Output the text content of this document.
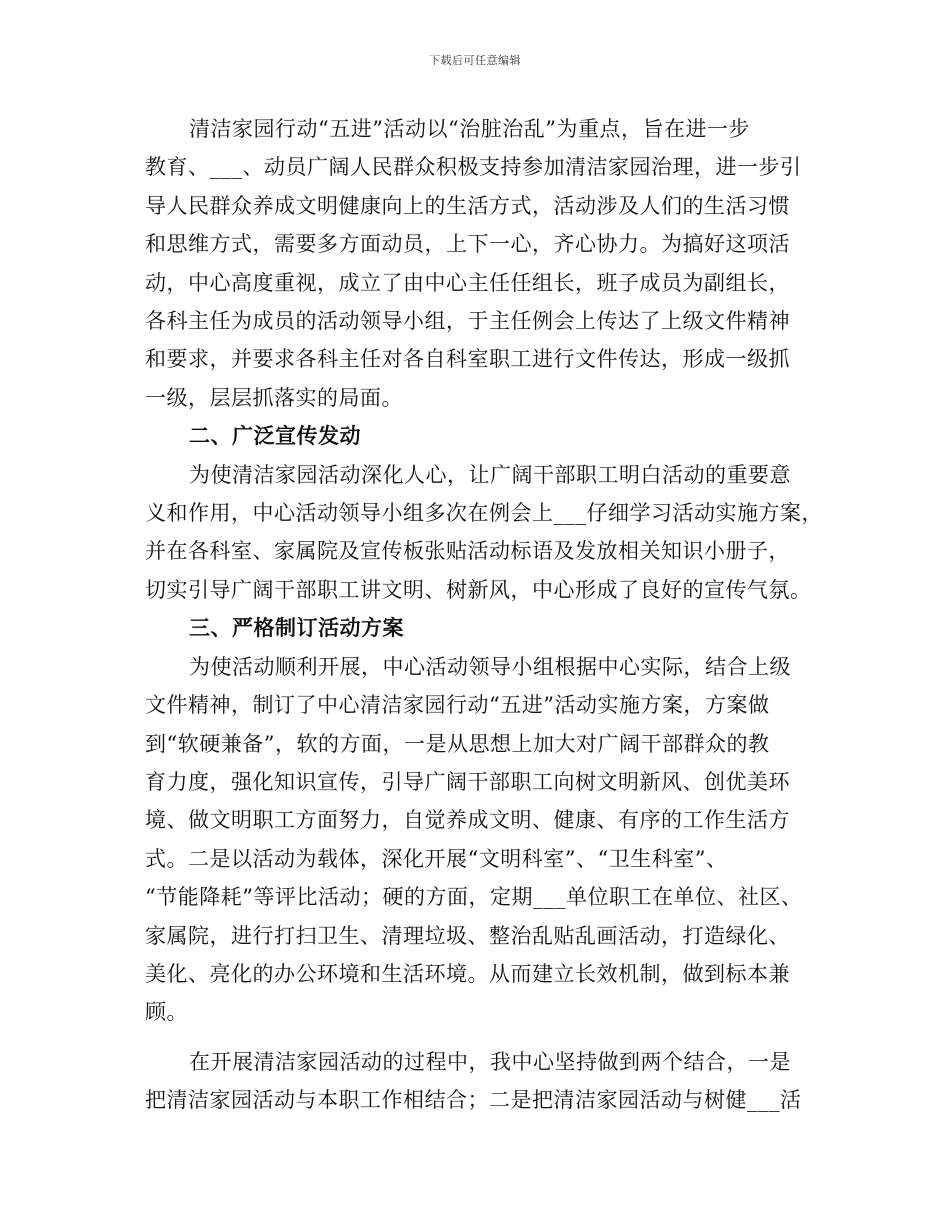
下载后可任意编辑

清洁家园行动“五进”活动以“治脏治乱”为重点，旨在进一步
教育、___、动员广阔人民群众积极支持参加清洁家园治理，进一步引
导人民群众养成文明健康向上的生活方式，活动涉及人们的生活习惯
和思维方式，需要多方面动员，上下一心，齐心协力。为搞好这项活
动，中心高度重视，成立了由中心主任任组长，班子成员为副组长，
各科主任为成员的活动领导小组，于主任例会上传达了上级文件精神
和要求，并要求各科主任对各自科室职工进行文件传达，形成一级抓
一级，层层抓落实的局面。

二、广泛宣传发动

为使清洁家园活动深化人心，让广阔干部职工明白活动的重要意
义和作用，中心活动领导小组多次在例会上___仔细学习活动实施方案，
并在各科室、家属院及宣传板张贴活动标语及发放相关知识小册子，
切实引导广阔干部职工讲文明、树新风，中心形成了良好的宣传气氛。

三、严格制订活动方案

为使活动顺利开展，中心活动领导小组根据中心实际，结合上级
文件精神，制订了中心清洁家园行动“五进”活动实施方案，方案做
到“软硬兼备”，软的方面，一是从思想上加大对广阔干部群众的教
育力度，强化知识宣传，引导广阔干部职工向树文明新风、创优美环
境、做文明职工方面努力，自觉养成文明、健康、有序的工作生活方
式。二是以活动为载体，深化开展“文明科室”、“卫生科室”、
“节能降耗”等评比活动；硬的方面，定期___单位职工在单位、社区、
家属院，进行打扫卫生、清理垃圾、整治乱贴乱画活动，打造绿化、
美化、亮化的办公环境和生活环境。从而建立长效机制，做到标本兼
顾。

在开展清洁家园活动的过程中，我中心坚持做到两个结合，一是
把清洁家园活动与本职工作相结合；二是把清洁家园活动与树健___活
